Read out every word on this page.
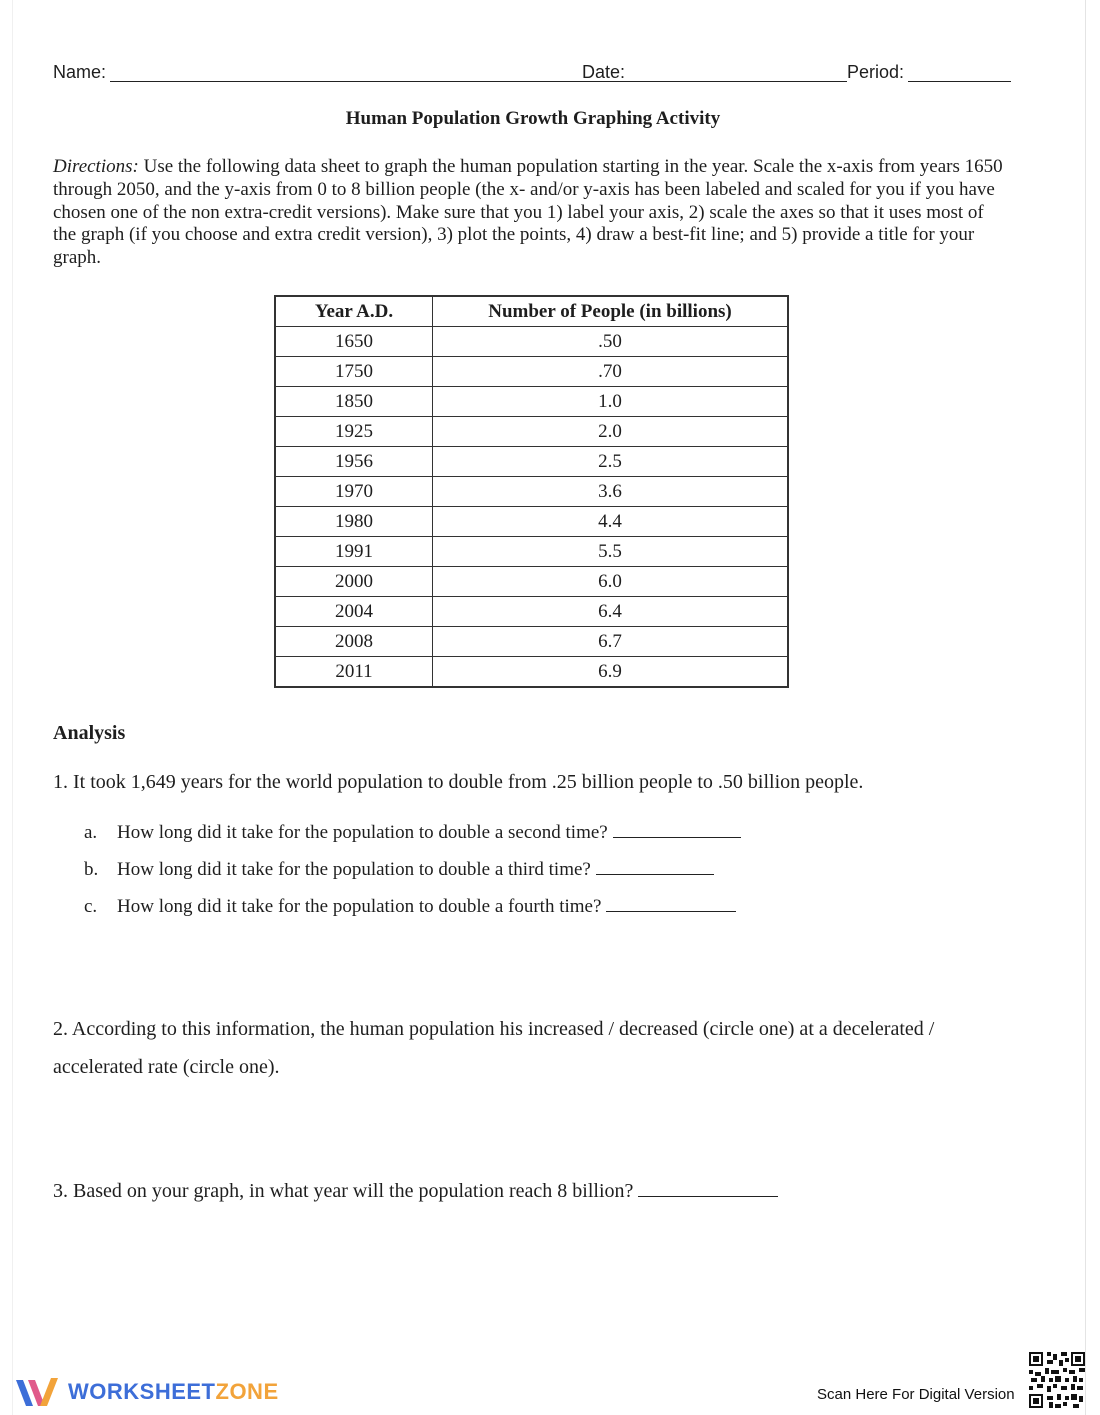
Name:	Date:	Period:
Human Population Growth Graphing Activity
Directions: Use the following data sheet to graph the human population starting in the year. Scale the x-axis from years 1650 through 2050, and the y-axis from 0 to 8 billion people (the x- and/or y-axis has been labeled and scaled for you if you have chosen one of the non extra-credit versions). Make sure that you 1) label your axis, 2) scale the axes so that it uses most of the graph (if you choose and extra credit version), 3) plot the points, 4) draw a best-fit line; and 5) provide a title for your graph.
Year A.D.	Number of People (in billions)
1650	.50
1750	.70
1850	1.0
1925	2.0
1956	2.5
1970	3.6
1980	4.4
1991	5.5
2000	6.0
2004	6.4
2008	6.7
2011	6.9
Analysis
1. It took 1,649 years for the world population to double from .25 billion people to .50 billion people.
a. How long did it take for the population to double a second time?
b. How long did it take for the population to double a third time?
c. How long did it take for the population to double a fourth time?
2. According to this information, the human population his increased / decreased (circle one) at a decelerated /
accelerated rate (circle one).
3. Based on your graph, in what year will the population reach 8 billion?
WORKSHEETZONE	Scan Here For Digital Version
